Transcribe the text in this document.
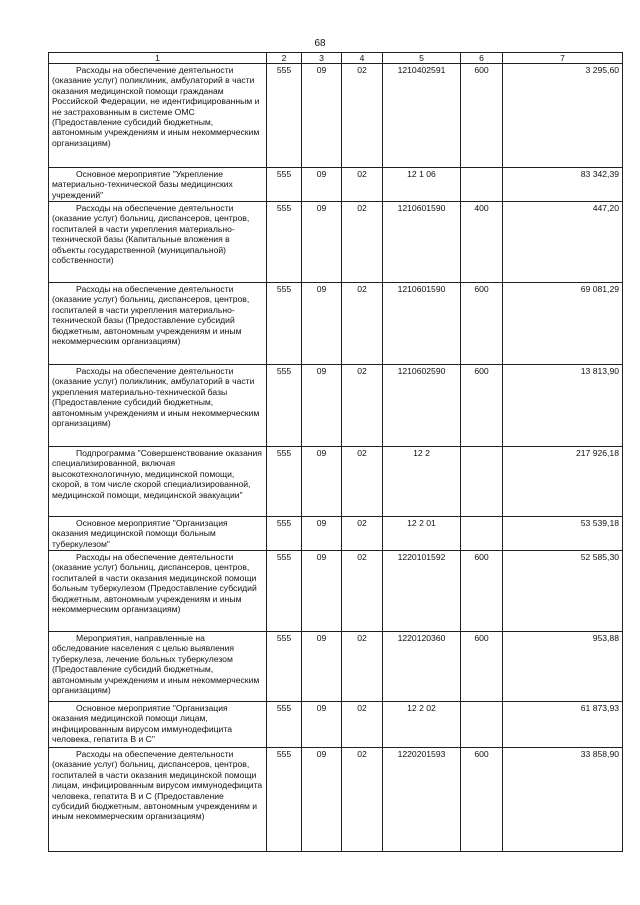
68
1	2	3	4	5	6	7
Расходы на обеспечение деятельности (оказание услуг) поликлиник, амбулаторий в части оказания медицинской помощи гражданам Российской Федерации, не идентифицированным и не застрахованным в системе ОМС (Предоставление субсидий бюджетным, автономным учреждениям и иным некоммерческим организациям)	555	09	02	1210402591	600	3 295,60
Основное мероприятие "Укрепление материально-технической базы медицинских учреждений"	555	09	02	12 1 06		83 342,39
Расходы на обеспечение деятельности (оказание услуг) больниц, диспансеров, центров, госпиталей в части укрепления материально-технической базы (Капитальные вложения в объекты государственной (муниципальной) собственности)	555	09	02	1210601590	400	447,20
Расходы на обеспечение деятельности (оказание услуг) больниц, диспансеров, центров, госпиталей в части укрепления материально-технической базы (Предоставление субсидий бюджетным, автономным учреждениям и иным некоммерческим организациям)	555	09	02	1210601590	600	69 081,29
Расходы на обеспечение деятельности (оказание услуг) поликлиник, амбулаторий в части укрепления материально-технической базы (Предоставление субсидий бюджетным, автономным учреждениям и иным некоммерческим организациям)	555	09	02	1210602590	600	13 813,90
Подпрограмма "Совершенствование оказания специализированной, включая высокотехнологичную, медицинской помощи, скорой, в том числе скорой специализированной, медицинской помощи, медицинской эвакуации"	555	09	02	12 2		217 926,18
Основное мероприятие "Организация оказания медицинской помощи больным туберкулезом"	555	09	02	12 2 01		53 539,18
Расходы на обеспечение деятельности (оказание услуг) больниц, диспансеров, центров, госпиталей в части оказания медицинской помощи больным туберкулезом (Предоставление субсидий бюджетным, автономным учреждениям и иным некоммерческим организациям)	555	09	02	1220101592	600	52 585,30
Мероприятия, направленные на обследование населения с целью выявления туберкулеза, лечение больных туберкулезом (Предоставление субсидий бюджетным, автономным учреждениям и иным некоммерческим организациям)	555	09	02	1220120360	600	953,88
Основное мероприятие "Организация оказания медицинской помощи лицам, инфицированным вирусом иммунодефицита человека, гепатита В и С"	555	09	02	12 2 02		61 873,93
Расходы на обеспечение деятельности (оказание услуг) больниц, диспансеров, центров, госпиталей в части оказания медицинской помощи лицам, инфицированным вирусом иммунодефицита человека, гепатита В и С (Предоставление субсидий бюджетным, автономным учреждениям и иным некоммерческим организациям)	555	09	02	1220201593	600	33 858,90
